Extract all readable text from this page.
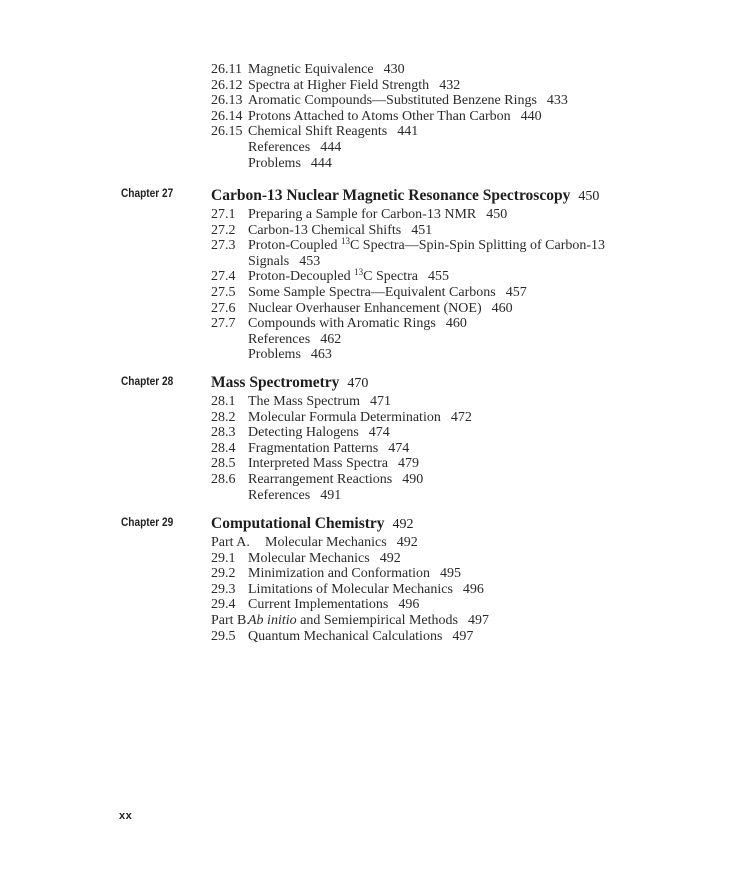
26.11 Magnetic Equivalence 430
26.12 Spectra at Higher Field Strength 432
26.13 Aromatic Compounds—Substituted Benzene Rings 433
26.14 Protons Attached to Atoms Other Than Carbon 440
26.15 Chemical Shift Reagents 441
References 444
Problems 444
Chapter 27 Carbon-13 Nuclear Magnetic Resonance Spectroscopy 450
27.1 Preparing a Sample for Carbon-13 NMR 450
27.2 Carbon-13 Chemical Shifts 451
27.3 Proton-Coupled $^{13}$C Spectra—Spin-Spin Splitting of Carbon-13
Signals 453
27.4 Proton-Decoupled $^{13}$C Spectra 455
27.5 Some Sample Spectra—Equivalent Carbons 457
27.6 Nuclear Overhauser Enhancement (NOE) 460
27.7 Compounds with Aromatic Rings 460
References 462
Problems 463
Chapter 28 Mass Spectrometry 470
28.1 The Mass Spectrum 471
28.2 Molecular Formula Determination 472
28.3 Detecting Halogens 474
28.4 Fragmentation Patterns 474
28.5 Interpreted Mass Spectra 479
28.6 Rearrangement Reactions 490
References 491
Chapter 29 Computational Chemistry 492
Part A. Molecular Mechanics 492
29.1 Molecular Mechanics 492
29.2 Minimization and Conformation 495
29.3 Limitations of Molecular Mechanics 496
29.4 Current Implementations 496
Part B.Ab initio and Semiempirical Methods 497
29.5 Quantum Mechanical Calculations 497
xx
